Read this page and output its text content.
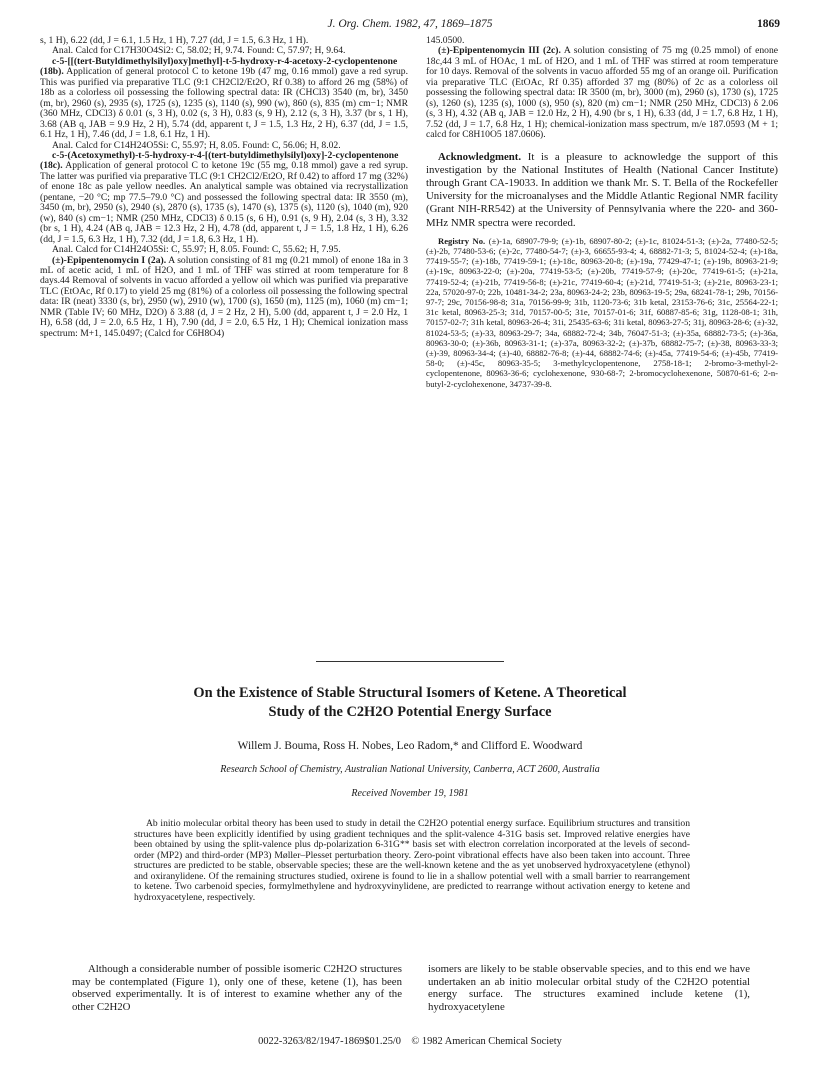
J. Org. Chem. 1982, 47, 1869–1875	1869

s, 1 H), 6.22 (dd, J = 6.1, 1.5 Hz, 1 H), 7.27 (dd, J = 1.5, 6.3 Hz, 1 H).

Anal. Calcd for C17H30O4Si2: C, 58.02; H, 9.74. Found: C, 57.97; H, 9.64.

c-5-[[(tert-Butyldimethylsilyl)oxy]methyl]-t-5-hydroxy-r-4-acetoxy-2-cyclopentenone (18b). Application of general protocol C to ketone 19b (47 mg, 0.16 mmol) gave a red syrup. This was purified via preparative TLC (9:1 CH2Cl2/Et2O, Rf 0.38) to afford 26 mg (58%) of 18b as a colorless oil possessing the following spectral data: IR (CHCl3) 3540 (m, br), 3450 (m, br), 2960 (s), 2935 (s), 1725 (s), 1235 (s), 1140 (s), 990 (w), 860 (s), 835 (m) cm−1; NMR (360 MHz, CDCl3) δ 0.01 (s, 3 H), 0.02 (s, 3 H), 0.83 (s, 9 H), 2.12 (s, 3 H), 3.37 (br s, 1 H), 3.68 (AB q, JAB = 9.9 Hz, 2 H), 5.74 (dd, apparent t, J = 1.5, 1.3 Hz, 2 H), 6.37 (dd, J = 1.5, 6.1 Hz, 1 H), 7.46 (dd, J = 1.8, 6.1 Hz, 1 H).

Anal. Calcd for C14H24O5Si: C, 55.97; H, 8.05. Found: C, 56.06; H, 8.02.

c-5-(Acetoxymethyl)-t-5-hydroxy-r-4-[(tert-butyldimethylsilyl)oxy]-2-cyclopentenone (18c). Application of general protocol C to ketone 19c (55 mg, 0.18 mmol) gave a red syrup. The latter was purified via preparative TLC (9:1 CH2Cl2/Et2O, Rf 0.42) to afford 17 mg (32%) of enone 18c as pale yellow needles. An analytical sample was obtained via recrystallization (pentane, −20 °C; mp 77.5–79.0 °C) and possessed the following spectral data: IR 3550 (m), 3450 (m, br), 2950 (s), 2940 (s), 2870 (s), 1735 (s), 1470 (s), 1375 (s), 1120 (s), 1040 (m), 920 (w), 840 (s) cm−1; NMR (250 MHz, CDCl3) δ 0.15 (s, 6 H), 0.91 (s, 9 H), 2.04 (s, 3 H), 3.32 (br s, 1 H), 4.24 (AB q, JAB = 12.3 Hz, 2 H), 4.78 (dd, apparent t, J = 1.5, 1.8 Hz, 1 H), 6.26 (dd, J = 1.5, 6.3 Hz, 1 H), 7.32 (dd, J = 1.8, 6.3 Hz, 1 H).

Anal. Calcd for C14H24O5Si: C, 55.97; H, 8.05. Found: C, 55.62; H, 7.95.

(±)-Epipentenomycin I (2a). A solution consisting of 81 mg (0.21 mmol) of enone 18a in 3 mL of acetic acid, 1 mL of H2O, and 1 mL of THF was stirred at room temperature for 8 days.44 Removal of solvents in vacuo afforded a yellow oil which was purified via preparative TLC (EtOAc, Rf 0.17) to yield 25 mg (81%) of a colorless oil possessing the following spectral data: IR (neat) 3330 (s, br), 2950 (w), 2910 (w), 1700 (s), 1650 (m), 1125 (m), 1060 (m) cm−1; NMR (Table IV; 60 MHz, D2O) δ 3.88 (d, J = 2 Hz, 2 H), 5.00 (dd, apparent t, J = 2.0 Hz, 1 H), 6.58 (dd, J = 2.0, 6.5 Hz, 1 H), 7.90 (dd, J = 2.0, 6.5 Hz, 1 H); Chemical ionization mass spectrum: M+1, 145.0497; (Calcd for C6H8O4)

145.0500.

(±)-Epipentenomycin III (2c). A solution consisting of 75 mg (0.25 mmol) of enone 18c,44 3 mL of HOAc, 1 mL of H2O, and 1 mL of THF was stirred at room temperature for 10 days. Removal of the solvents in vacuo afforded 55 mg of an orange oil. Purification via preparative TLC (EtOAc, Rf 0.35) afforded 37 mg (80%) of 2c as a colorless oil possessing the following spectral data: IR 3500 (m, br), 3000 (m), 2960 (s), 1730 (s), 1725 (s), 1260 (s), 1235 (s), 1000 (s), 950 (s), 820 (m) cm−1; NMR (250 MHz, CDCl3) δ 2.06 (s, 3 H), 4.32 (AB q, JAB = 12.0 Hz, 2 H), 4.90 (br s, 1 H), 6.33 (dd, J = 1.7, 6.8 Hz, 1 H), 7.52 (dd, J = 1.7, 6.8 Hz, 1 H); chemical-ionization mass spectrum, m/e 187.0593 (M + 1; calcd for C8H10O5 187.0606).

Acknowledgment. It is a pleasure to acknowledge the support of this investigation by the National Institutes of Health (National Cancer Institute) through Grant CA-19033. In addition we thank Mr. S. T. Bella of the Rockefeller University for the microanalyses and the Middle Atlantic Regional NMR facility (Grant NIH-RR542) at the University of Pennsylvania where the 220- and 360-MHz NMR spectra were recorded.

Registry No. (±)-1a, 68907-79-9; (±)-1b, 68907-80-2; (±)-1c, 81024-51-3; (±)-2a, 77480-52-5; (±)-2b, 77480-53-6; (±)-2c, 77480-54-7; (±)-3, 66655-93-4; 4, 68882-71-3; 5, 81024-52-4; (±)-18a, 77419-55-7; (±)-18b, 77419-59-1; (±)-18c, 80963-20-8; (±)-19a, 77429-47-1; (±)-19b, 80963-21-9; (±)-19c, 80963-22-0; (±)-20a, 77419-53-5; (±)-20b, 77419-57-9; (±)-20c, 77419-61-5; (±)-21a, 77419-52-4; (±)-21b, 77419-56-8; (±)-21c, 77419-60-4; (±)-21d, 77419-51-3; (±)-21e, 80963-23-1; 22a, 57020-97-0; 22b, 10481-34-2; 23a, 80963-24-2; 23b, 80963-19-5; 29a, 68241-78-1; 29b, 70156-97-7; 29c, 70156-98-8; 31a, 70156-99-9; 31b, 1120-73-6; 31b ketal, 23153-76-6; 31c, 25564-22-1; 31c ketal, 80963-25-3; 31d, 70157-00-5; 31e, 70157-01-6; 31f, 60887-85-6; 31g, 1128-08-1; 31h, 70157-02-7; 31h ketal, 80963-26-4; 31i, 25435-63-6; 31i ketal, 80963-27-5; 31j, 80963-28-6; (±)-32, 81024-53-5; (±)-33, 80963-29-7; 34a, 68882-72-4; 34b, 76047-51-3; (±)-35a, 68882-73-5; (±)-36a, 80963-30-0; (±)-36b, 80963-31-1; (±)-37a, 80963-32-2; (±)-37b, 68882-75-7; (±)-38, 80963-33-3; (±)-39, 80963-34-4; (±)-40, 68882-76-8; (±)-44, 68882-74-6; (±)-45a, 77419-54-6; (±)-45b, 77419-58-0; (±)-45c, 80963-35-5; 3-methylcyclopentenone, 2758-18-1; 2-bromo-3-methyl-2-cyclopentenone, 80963-36-6; cyclohexenone, 930-68-7; 2-bromocyclohexenone, 50870-61-6; 2-n-butyl-2-cyclohexenone, 34737-39-8.

On the Existence of Stable Structural Isomers of Ketene. A Theoretical
Study of the C2H2O Potential Energy Surface
Willem J. Bouma, Ross H. Nobes, Leo Radom,* and Clifford E. Woodward
Research School of Chemistry, Australian National University, Canberra, ACT 2600, Australia
Received November 19, 1981

Ab initio molecular orbital theory has been used to study in detail the C2H2O potential energy surface. Equilibrium structures and transition structures have been explicitly identified by using gradient techniques and the split-valence 4-31G basis set. Improved relative energies have been obtained by using the split-valence plus dp-polarization 6-31G** basis set with electron correlation incorporated at the levels of second-order (MP2) and third-order (MP3) Møller–Plesset perturbation theory. Zero-point vibrational effects have also been taken into account. Three structures are predicted to be stable, observable species; these are the well-known ketene and the as yet unobserved hydroxyacetylene (ethynol) and oxiranylidene. Of the remaining structures studied, oxirene is found to lie in a shallow potential well with a small barrier to rearrangement to ketene. Two carbenoid species, formylmethylene and hydroxyvinylidene, are predicted to rearrange without activation energy to ketene and hydroxyacetylene, respectively.

Although a considerable number of possible isomeric C2H2O structures may be contemplated (Figure 1), only one of these, ketene (1), has been observed experimentally. It is of interest to examine whether any of the other C2H2O

isomers are likely to be stable observable species, and to this end we have undertaken an ab initio molecular orbital study of the C2H2O potential energy surface. The structures examined include ketene (1), hydroxyacetylene

0022-3263/82/1947-1869$01.25/0 © 1982 American Chemical Society
